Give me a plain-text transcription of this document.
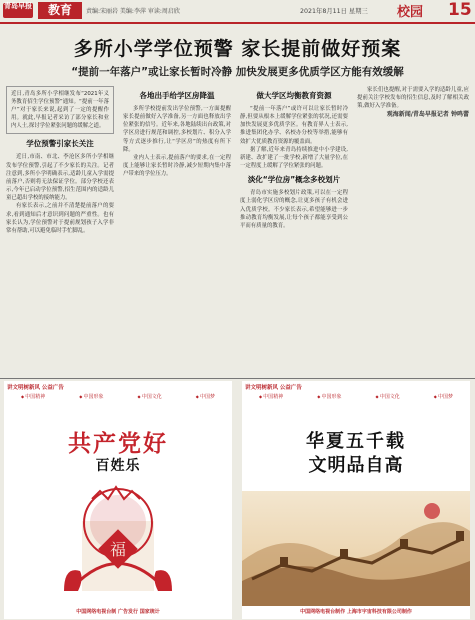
青岛早报	教育	责编:宋丽岩 美编:李萍 审读:周启欣	2021年8月11日 星期三 校园 15
多所小学学位预警 家长提前做好预案
“提前一年落户”或让家长暂时冷静 加快发展更多优质学区方能有效缓解
近日,青岛多所小学相继发布“2021年义务教育招生学位预警”通知。“提前一年落户”对于家长来说,起到了一定的提醒作用。就此,早报记者采访了部分家长和业内人士,探讨学位紧张问题的缓解之道。
学位预警引家长关注

近日,市南、市北、李沧区多所小学相继发布学位预警,引起了不少家长的关注。记者注意到,多所小学明确表示,适龄儿童入学需提前落户,否则将无法保证学位。部分学校还表示,今年已启动学位预警,招生范围内的适龄儿童已超出学校的接纳能力。

有家长表示,之前并不清楚提前落户的要求,看到通知后才意识到问题的严重性。也有家长认为,学位预警对于提前规划孩子入学非常有帮助,可以避免临时手忙脚乱。

各地出手给学区房降温

多所学校提前发出学位预警,一方面提醒家长提前做好入学准备,另一方面也释放出学位紧张的信号。近年来,各地陆续出台政策,对学区房进行规范和调控,多校划片、积分入学等方式逐步推行,让“学区房”的热度有所下降。

业内人士表示,提前落户的要求,在一定程度上能够让家长暂时冷静,减少短期内集中落户带来的学位压力。

做大学区均衡教育资源

“提前一年落户”或许可以让家长暂时冷静,但要从根本上缓解学位紧张的状况,还需要加快发展更多优质学区。有教育界人士表示,推进集团化办学、名校办分校等举措,能够有效扩大优质教育资源的覆盖面。

据了解,近年来青岛持续推进中小学建设,新建、改扩建了一批学校,新增了大量学位,在一定程度上缓解了学位紧张的问题。

淡化“学位房”概念多校划片

青岛市实施多校划片政策,可以在一定程度上弱化学区房的概念,让更多孩子有机会进入优质学校。不少家长表示,希望能够进一步推动教育均衡发展,让每个孩子都能享受到公平而有质量的教育。

家长们也提醒,对于需要入学的适龄儿童,应提前关注学校发布的招生信息,及时了解相关政策,做好入学准备。

观海新闻/青岛早报记者 钟鸣蕾
讲文明树新风 公益广告
◆ 中国精神	◆ 中国形象	◆ 中国文化	◆ 中国梦
共产党好
百姓乐
福
中国网络电视台制 广告发行 国家统计
讲文明树新风 公益广告
◆ 中国精神	◆ 中国形象	◆ 中国文化	◆ 中国梦
华夏五千载
文明品自高
中国网络电视台制作 上海市宇宙科技有限公司制作
